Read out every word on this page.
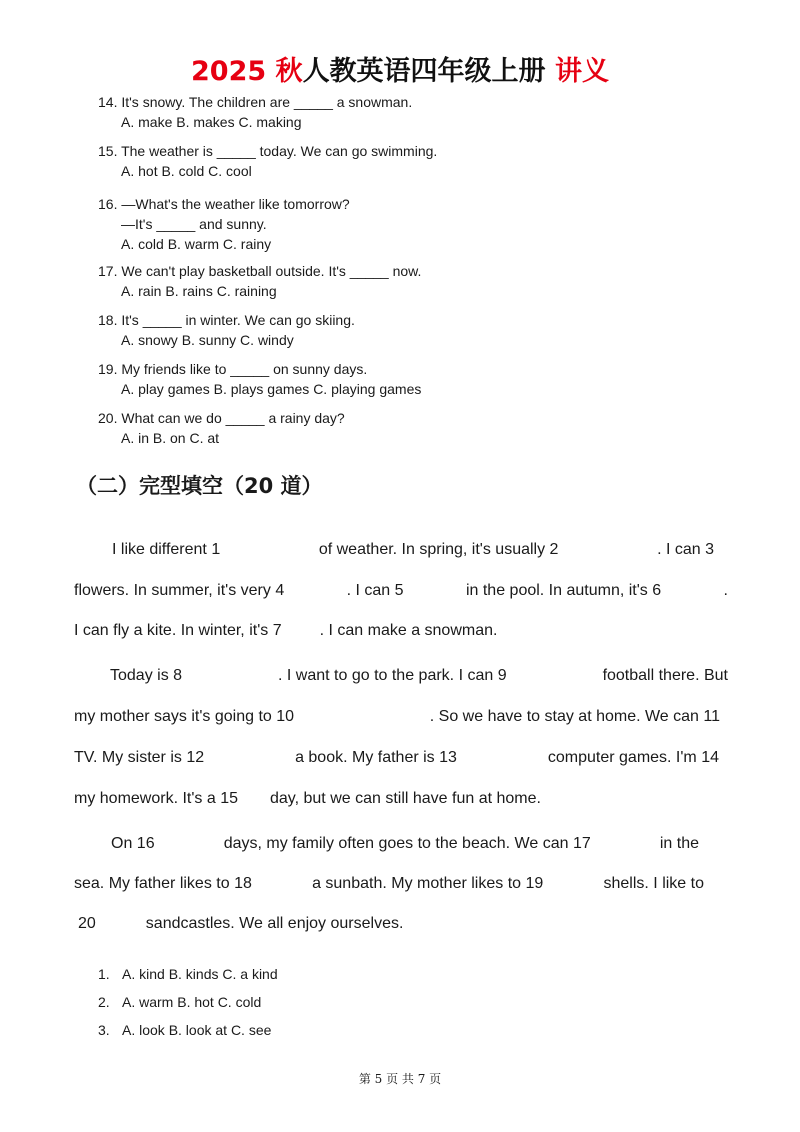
2025 秋人教英语四年级上册 讲义
14. It's snowy. The children are _____ a snowman.
A. make B. makes C. making
15. The weather is _____ today. We can go swimming.
A. hot B. cold C. cool
16. —What's the weather like tomorrow?
—It's _____ and sunny.
A. cold B. warm C. rainy
17. We can't play basketball outside. It's _____ now.
A. rain B. rains C. raining
18. It's _____ in winter. We can go skiing.
A. snowy B. sunny C. windy
19. My friends like to _____ on sunny days.
A. play games B. plays games C. playing games
20. What can we do _____ a rainy day?
A. in B. on C. at
（二）完型填空（20 道）
I like different 1	of weather. In spring, it's usually 2	. I can 3
flowers. In summer, it's very 4	. I can 5	in the pool. In autumn, it's 6	.
I can fly a kite. In winter, it's 7 . I can make a snowman.
Today is 8	. I want to go to the park. I can 9	football there. But
my mother says it's going to 10	. So we have to stay at home. We can 11
TV. My sister is 12	a book. My father is 13	computer games. I'm 14
my homework. It's a 15 day, but we can still have fun at home.
On 16	days, my family often goes to the beach. We can 17	in the
sea. My father likes to 18	a sunbath. My mother likes to 19	shells. I like to
20	sandcastles. We all enjoy ourselves.
1. A. kind B. kinds C. a kind
2. A. warm B. hot C. cold
3. A. look B. look at C. see
第 5 页 共 7 页
